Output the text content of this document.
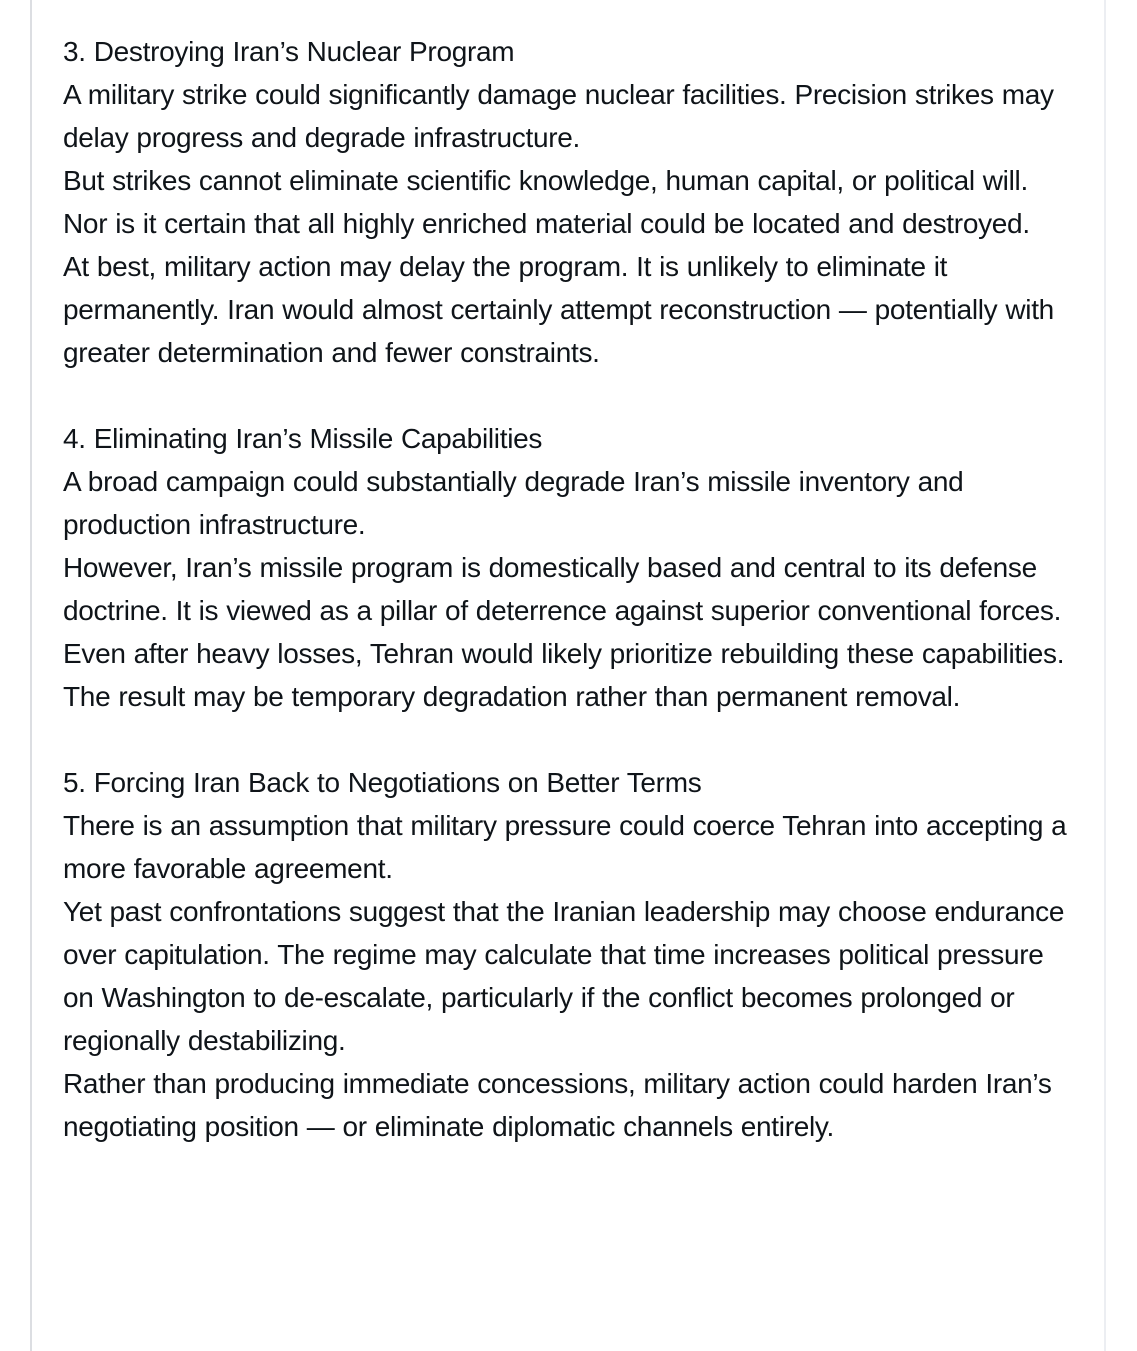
3. Destroying Iran’s Nuclear Program

A military strike could significantly damage nuclear facilities. Precision strikes may delay progress and degrade infrastructure.

But strikes cannot eliminate scientific knowledge, human capital, or political will. Nor is it certain that all highly enriched material could be located and destroyed.

At best, military action may delay the program. It is unlikely to eliminate it permanently. Iran would almost certainly attempt reconstruction — potentially with greater determination and fewer constraints.

4. Eliminating Iran’s Missile Capabilities

A broad campaign could substantially degrade Iran’s missile inventory and production infrastructure.

However, Iran’s missile program is domestically based and central to its defense doctrine. It is viewed as a pillar of deterrence against superior conventional forces. Even after heavy losses, Tehran would likely prioritize rebuilding these capabilities.

The result may be temporary degradation rather than permanent removal.

5. Forcing Iran Back to Negotiations on Better Terms

There is an assumption that military pressure could coerce Tehran into accepting a more favorable agreement.

Yet past confrontations suggest that the Iranian leadership may choose endurance over capitulation. The regime may calculate that time increases political pressure on Washington to de-escalate, particularly if the conflict becomes prolonged or regionally destabilizing.

Rather than producing immediate concessions, military action could harden Iran’s negotiating position — or eliminate diplomatic channels entirely.
